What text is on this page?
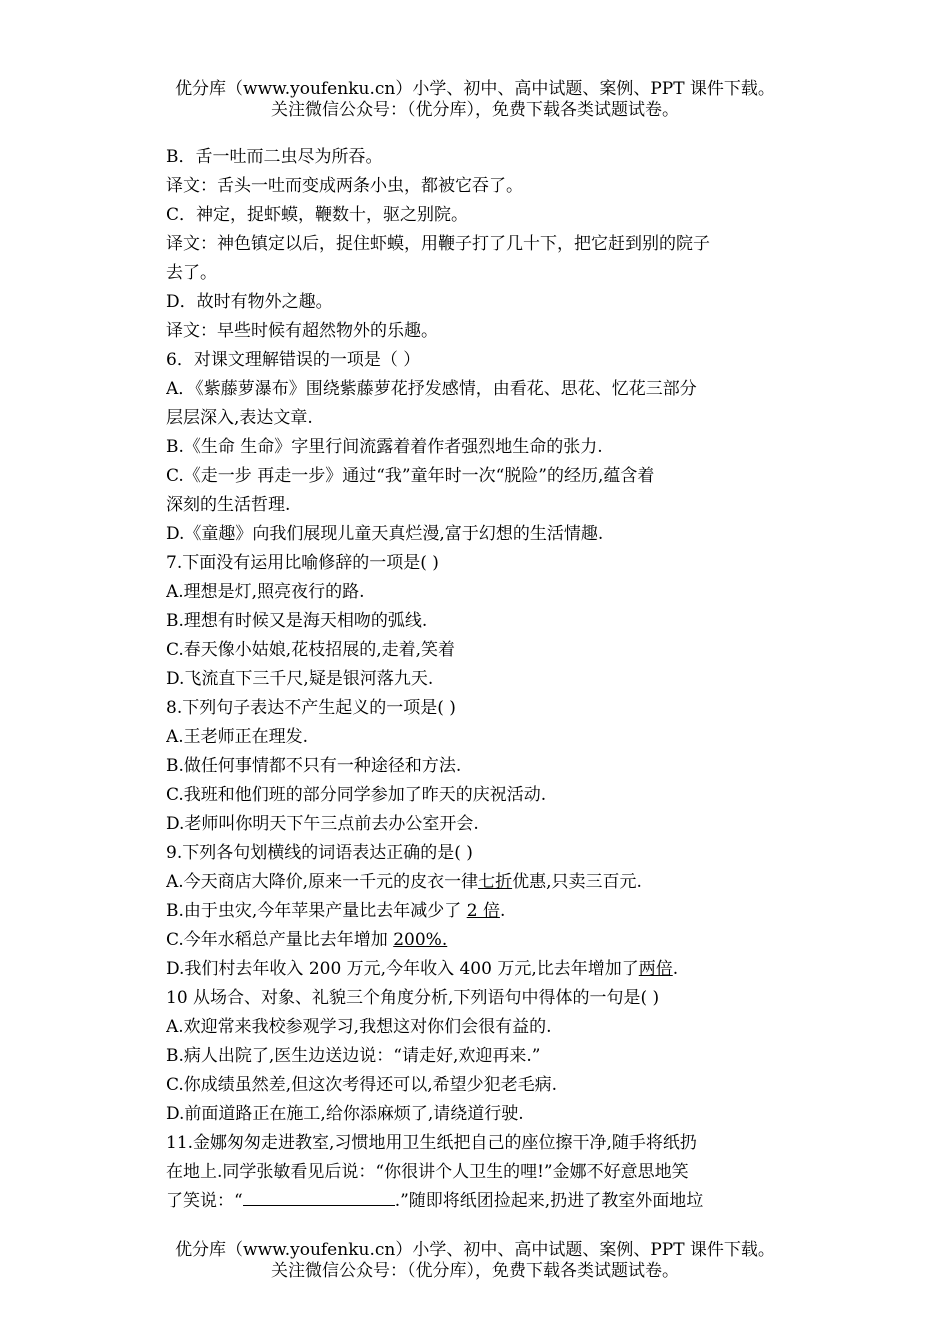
优分库（www.youfenku.cn）小学、初中、高中试题、案例、PPT 课件下载。
关注微信公众号：（优分库），免费下载各类试题试卷。
B．舌一吐而二虫尽为所吞。
译文：舌头一吐而变成两条小虫，都被它吞了。
C．神定，捉虾蟆，鞭数十，驱之别院。
译文：神色镇定以后，捉住虾蟆，用鞭子打了几十下，把它赶到别的院子
去了。
D．故时有物外之趣。
译文：早些时候有超然物外的乐趣。
6．对课文理解错误的一项是（ ）
A．《紫藤萝瀑布》围绕紫藤萝花抒发感情，由看花、思花、忆花三部分
层层深入,表达文章.
B.《生命 生命》字里行间流露着着作者强烈地生命的张力.
C.《走一步 再走一步》通过“我”童年时一次“脱险”的经历,蕴含着
深刻的生活哲理.
D.《童趣》向我们展现儿童天真烂漫,富于幻想的生活情趣.
7.下面没有运用比喻修辞的一项是( )
A.理想是灯,照亮夜行的路.
B.理想有时候又是海天相吻的弧线.
C.春天像小姑娘,花枝招展的,走着,笑着
D.飞流直下三千尺,疑是银河落九天.
8.下列句子表达不产生起义的一项是( )
A.王老师正在理发.
B.做任何事情都不只有一种途径和方法.
C.我班和他们班的部分同学参加了昨天的庆祝活动.
D.老师叫你明天下午三点前去办公室开会.
9.下列各句划横线的词语表达正确的是( )
A.今天商店大降价,原来一千元的皮衣一律七折优惠,只卖三百元.
B.由于虫灾,今年苹果产量比去年减少了 2 倍.
C.今年水稻总产量比去年增加 200%.
D.我们村去年收入 200 万元,今年收入 400 万元,比去年增加了两倍.
10 从场合、对象、礼貌三个角度分析,下列语句中得体的一句是( )
A.欢迎常来我校参观学习,我想这对你们会很有益的.
B.病人出院了,医生边送边说：“请走好,欢迎再来.”
C.你成绩虽然差,但这次考得还可以,希望少犯老毛病.
D.前面道路正在施工,给你添麻烦了,请绕道行驶.
11.金娜匆匆走进教室,习惯地用卫生纸把自己的座位擦干净,随手将纸扔
在地上.同学张敏看见后说：“你很讲个人卫生的哩!”金娜不好意思地笑
了笑说：“	.”随即将纸团捡起来,扔进了教室外面地垃
优分库（www.youfenku.cn）小学、初中、高中试题、案例、PPT 课件下载。
关注微信公众号：（优分库），免费下载各类试题试卷。
